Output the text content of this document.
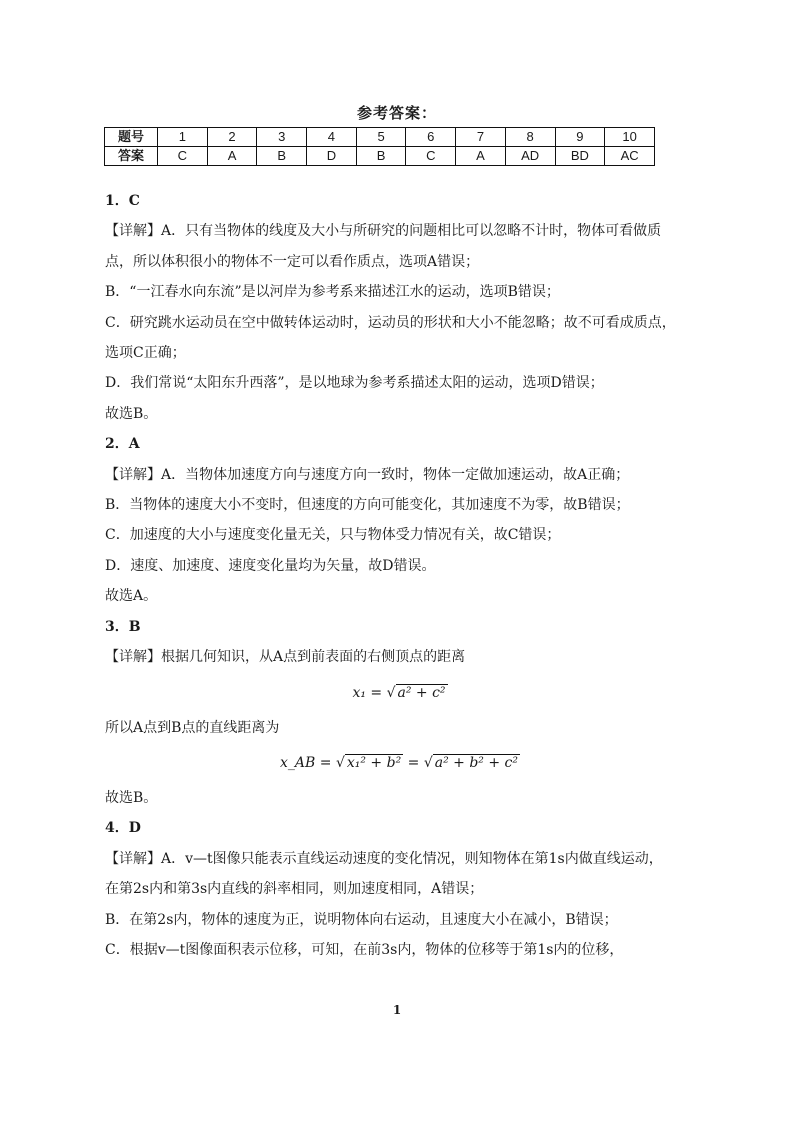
参考答案：
题号	1	2	3	4	5	6	7	8	9	10
答案	C	A	B	D	B	C	A	AD	BD	AC
1．C
【详解】A．只有当物体的线度及大小与所研究的问题相比可以忽略不计时，物体可看做质
点，所以体积很小的物体不一定可以看作质点，选项A错误；
B．“一江春水向东流”是以河岸为参考系来描述江水的运动，选项B错误；
C．研究跳水运动员在空中做转体运动时，运动员的形状和大小不能忽略；故不可看成质点，
选项C正确；
D．我们常说“太阳东升西落”，是以地球为参考系描述太阳的运动，选项D错误；
故选B。
2．A
【详解】A．当物体加速度方向与速度方向一致时，物体一定做加速运动，故A正确；
B．当物体的速度大小不变时，但速度的方向可能变化，其加速度不为零，故B错误；
C．加速度的大小与速度变化量无关，只与物体受力情况有关，故C错误；
D．速度、加速度、速度变化量均为矢量，故D错误。
故选A。
3．B
【详解】根据几何知识，从A点到前表面的右侧顶点的距离
x₁ = √ a² + c²
所以A点到B点的直线距离为
x_AB = √ x₁² + b² = √ a² + b² + c²
故选B。
4．D
【详解】A．v—t图像只能表示直线运动速度的变化情况，则知物体在第1s内做直线运动，
在第2s内和第3s内直线的斜率相同，则加速度相同，A错误；
B．在第2s内，物体的速度为正，说明物体向右运动，且速度大小在减小，B错误；
C．根据v—t图像面积表示位移，可知，在前3s内，物体的位移等于第1s内的位移，
1
